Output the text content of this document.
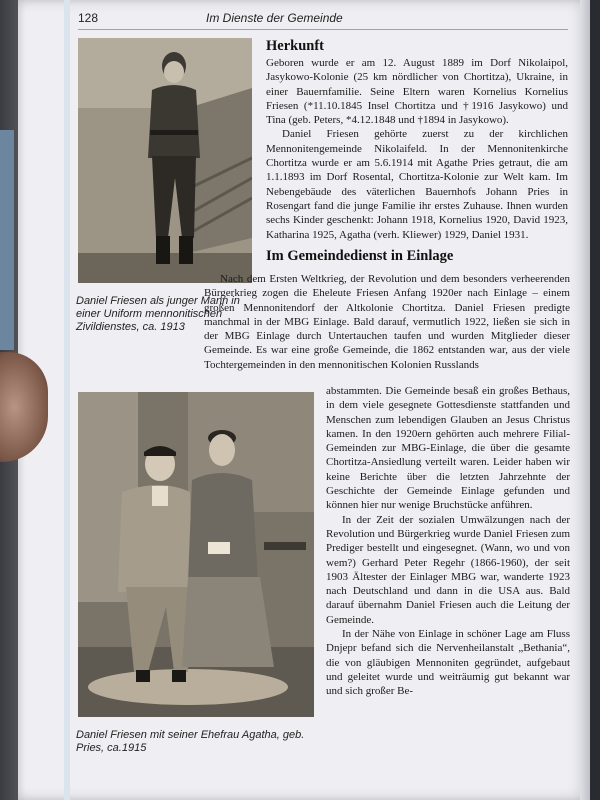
128	Im Dienste der Gemeinde
Daniel Friesen als junger Mann in einer Uniform mennonitischen Zivildienstes, ca. 1913
Daniel Friesen mit seiner Ehefrau Agatha, geb. Pries, ca.1915
Herkunft

Geboren wurde er am 12. August 1889 im Dorf Nikolaipol, Jasykowo-Kolonie (25 km nördlicher von Chortitza), Ukraine, in einer Bauernfamilie. Seine Eltern waren Kornelius Kornelius Friesen (*11.10.1845 Insel Chortitza und †1916 Jasykowo) und Tina (geb. Peters, *4.12.1848 und †1894 in Jasykowo).

Daniel Friesen gehörte zuerst zu der kirchlichen Mennonitengemeinde Nikolaifeld. In der Mennonitenkirche Chortitza wurde er am 5.6.1914 mit Agathe Pries getraut, die am 1.1.1893 im Dorf Rosental, Chortitza-Kolonie zur Welt kam. Im Nebengebäude des väterlichen Bauernhofs Johann Pries in Rosengart fand die junge Familie ihr erstes Zuhause. Ihnen wurden sechs Kinder geschenkt: Johann 1918, Kornelius 1920, David 1923, Katharina 1925, Agatha (verh. Kliewer) 1929, Daniel 1931.

Im Gemeindedienst in Einlage

Nach dem Ersten Weltkrieg, der Revolution und dem besonders verheerenden Bürgerkrieg zogen die Eheleute Friesen Anfang 1920er nach Einlage – einem großen Mennonitendorf der Altkolonie Chortitza. Daniel Friesen predigte manchmal in der MBG Einlage. Bald darauf, vermutlich 1922, ließen sie sich in der MBG Einlage durch Untertauchen taufen und wurden Mitglieder dieser Gemeinde. Es war eine große Gemeinde, die 1862 entstanden war, aus der viele Tochtergemeinden in den mennonitischen Kolonien Russlands

abstammten. Die Gemeinde besaß ein großes Bethaus, in dem viele gesegnete Gottesdienste stattfanden und Menschen zum lebendigen Glauben an Jesus Christus kamen. In den 1920ern gehörten auch mehrere Filial-Gemeinden zur MBG-Einlage, die über die gesamte Chortitza-Ansiedlung verteilt waren. Leider haben wir keine Berichte über die letzten Jahrzehnte der Geschichte der Gemeinde Einlage gefunden und können hier nur wenige Bruchstücke anführen.

In der Zeit der sozialen Umwälzungen nach der Revolution und Bürgerkrieg wurde Daniel Friesen zum Prediger bestellt und eingesegnet. (Wann, wo und von wem?) Gerhard Peter Regehr (1866-1960), der seit 1903 Ältester der Einlager MBG war, wanderte 1923 nach Deutschland und dann in die USA aus. Bald darauf übernahm Daniel Friesen auch die Leitung der Gemeinde.

In der Nähe von Einlage in schöner Lage am Fluss Dnjepr befand sich die Nervenheilanstalt „Bethania“, die von gläubigen Mennoniten gegründet, aufgebaut und geleitet wurde und weiträumig gut bekannt war und sich großer Be-
